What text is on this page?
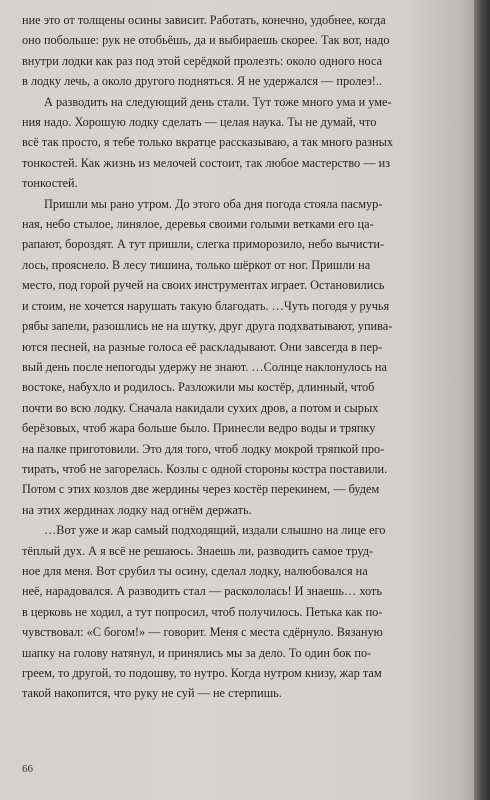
ние это от толщены осины зависит. Работать, конечно, удобнее, когда
оно побольше: рук не отобьёшь, да и выбираешь скорее. Так вот, надо
внутри лодки как раз под этой серёдкой пролезть: около одного носа
в лодку лечь, а около другого подняться. Я не удержался — пролез!..

А разводить на следующий день стали. Тут тоже много ума и уме-
ния надо. Хорошую лодку сделать — целая наука. Ты не думай, что
всё так просто, я тебе только вкратце рассказываю, а так много разных
тонкостей. Как жизнь из мелочей состоит, так любое мастерство — из
тонкостей.

Пришли мы рано утром. До этого оба дня погода стояла пасмур-
ная, небо стылое, линялое, деревья своими голыми ветками его ца-
рапают, бороздят. А тут пришли, слегка приморозило, небо вычисти-
лось, прояснело. В лесу тишина, только шёркот от ног. Пришли на
место, под горой ручей на своих инструментах играет. Остановились
и стоим, не хочется нарушать такую благодать. …Чуть погодя у ручья
рябы запели, разошлись не на шутку, друг друга подхватывают, упива-
ются песней, на разные голоса её раскладывают. Они завсегда в пер-
вый день после непогоды удержу не знают. …Солнце наклонулось на
востоке, набухло и родилось. Разложили мы костёр, длинный, чтоб
почти во всю лодку. Сначала накидали сухих дров, а потом и сырых
берёзовых, чтоб жара больше было. Принесли ведро воды и тряпку
на палке приготовили. Это для того, чтоб лодку мокрой тряпкой про-
тирать, чтоб не загорелась. Козлы с одной стороны костра поставили.
Потом с этих козлов две жердины через костёр перекинем, — будем
на этих жердинах лодку над огнём держать.

…Вот уже и жар самый подходящий, издали слышно на лице его
тёплый дух. А я всё не решаюсь. Знаешь ли, разводить самое труд-
ное для меня. Вот срубил ты осину, сделал лодку, налюбовался на
неё, нарадовался. А разводить стал — раскололась! И знаешь… хоть
в церковь не ходил, а тут попросил, чтоб получилось. Петька как по-
чувствовал: «С богом!» — говорит. Меня с места сдёрнуло. Вязаную
шапку на голову натянул, и принялись мы за дело. То один бок по-
греем, то другой, то подошву, то нутро. Когда нутром книзу, жар там
такой накопится, что руку не суй — не стерпишь.

66
